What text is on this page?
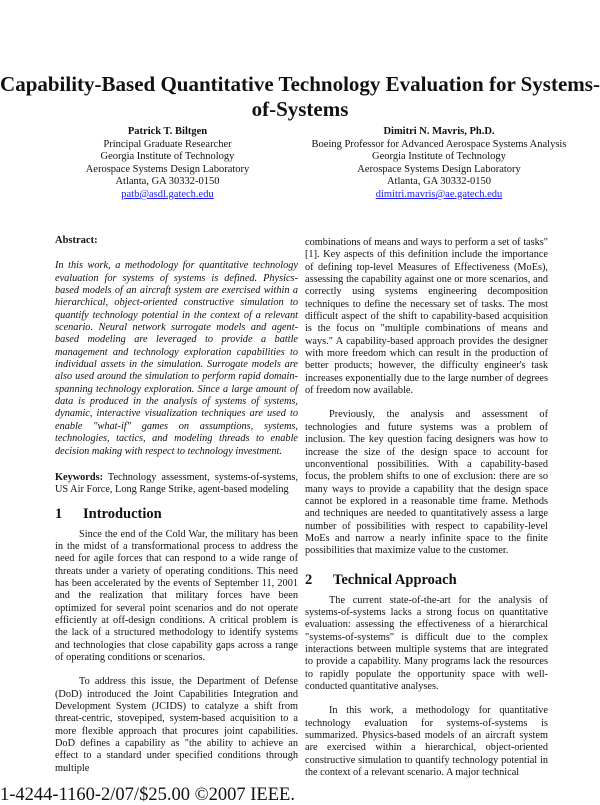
Capability-Based Quantitative Technology Evaluation for Systems-of-Systems
Patrick T. Biltgen
Principal Graduate Researcher
Georgia Institute of Technology
Aerospace Systems Design Laboratory
Atlanta, GA 30332-0150
patb@asdl.gatech.edu
Dimitri N. Mavris, Ph.D.
Boeing Professor for Advanced Aerospace Systems Analysis
Georgia Institute of Technology
Aerospace Systems Design Laboratory
Atlanta, GA 30332-0150
dimitri.mavris@ae.gatech.edu

Abstract:

In this work, a methodology for quantitative technology evaluation for systems of systems is defined. Physics-based models of an aircraft system are exercised within a hierarchical, object-oriented constructive simulation to quantify technology potential in the context of a relevant scenario. Neural network surrogate models and agent-based modeling are leveraged to provide a battle management and technology exploration capabilities to individual assets in the simulation. Surrogate models are also used around the simulation to perform rapid domain-spanning technology exploration. Since a large amount of data is produced in the analysis of systems of systems, dynamic, interactive visualization techniques are used to enable "what-if" games on assumptions, systems, technologies, tactics, and modeling threads to enable decision making with respect to technology investment.

Keywords: Technology assessment, systems-of-systems, US Air Force, Long Range Strike, agent-based modeling

1 Introduction

Since the end of the Cold War, the military has been in the midst of a transformational process to address the need for agile forces that can respond to a wide range of threats under a variety of operating conditions. This need has been accelerated by the events of September 11, 2001 and the realization that military forces have been optimized for several point scenarios and do not operate efficiently at off-design conditions. A critical problem is the lack of a structured methodology to identify systems and technologies that close capability gaps across a range of operating conditions or scenarios.

To address this issue, the Department of Defense (DoD) introduced the Joint Capabilities Integration and Development System (JCIDS) to catalyze a shift from threat-centric, stovepiped, system-based acquisition to a more flexible approach that procures joint capabilities. DoD defines a capability as "the ability to achieve an effect to a standard under specified conditions through multiple

combinations of means and ways to perform a set of tasks" [1]. Key aspects of this definition include the importance of defining top-level Measures of Effectiveness (MoEs), assessing the capability against one or more scenarios, and correctly using systems engineering decomposition techniques to define the necessary set of tasks. The most difficult aspect of the shift to capability-based acquisition is the focus on "multiple combinations of means and ways." A capability-based approach provides the designer with more freedom which can result in the production of better products; however, the difficulty engineer's task increases exponentially due to the large number of degrees of freedom now available.

Previously, the analysis and assessment of technologies and future systems was a problem of inclusion. The key question facing designers was how to increase the size of the design space to account for unconventional possibilities. With a capability-based focus, the problem shifts to one of exclusion: there are so many ways to provide a capability that the design space cannot be explored in a reasonable time frame. Methods and techniques are needed to quantitatively assess a large number of possibilities with respect to capability-level MoEs and narrow a nearly infinite space to the finite possibilities that maximize value to the customer.

2 Technical Approach

The current state-of-the-art for the analysis of systems-of-systems lacks a strong focus on quantitative evaluation: assessing the effectiveness of a hierarchical "systems-of-systems" is difficult due to the complex interactions between multiple systems that are integrated to provide a capability. Many programs lack the resources to rapidly populate the opportunity space with well-conducted quantitative analyses.

In this work, a methodology for quantitative technology evaluation for systems-of-systems is summarized. Physics-based models of an aircraft system are exercised within a hierarchical, object-oriented constructive simulation to quantify technology potential in the context of a relevant scenario. A major technical

1-4244-1160-2/07/$25.00 ©2007 IEEE.
